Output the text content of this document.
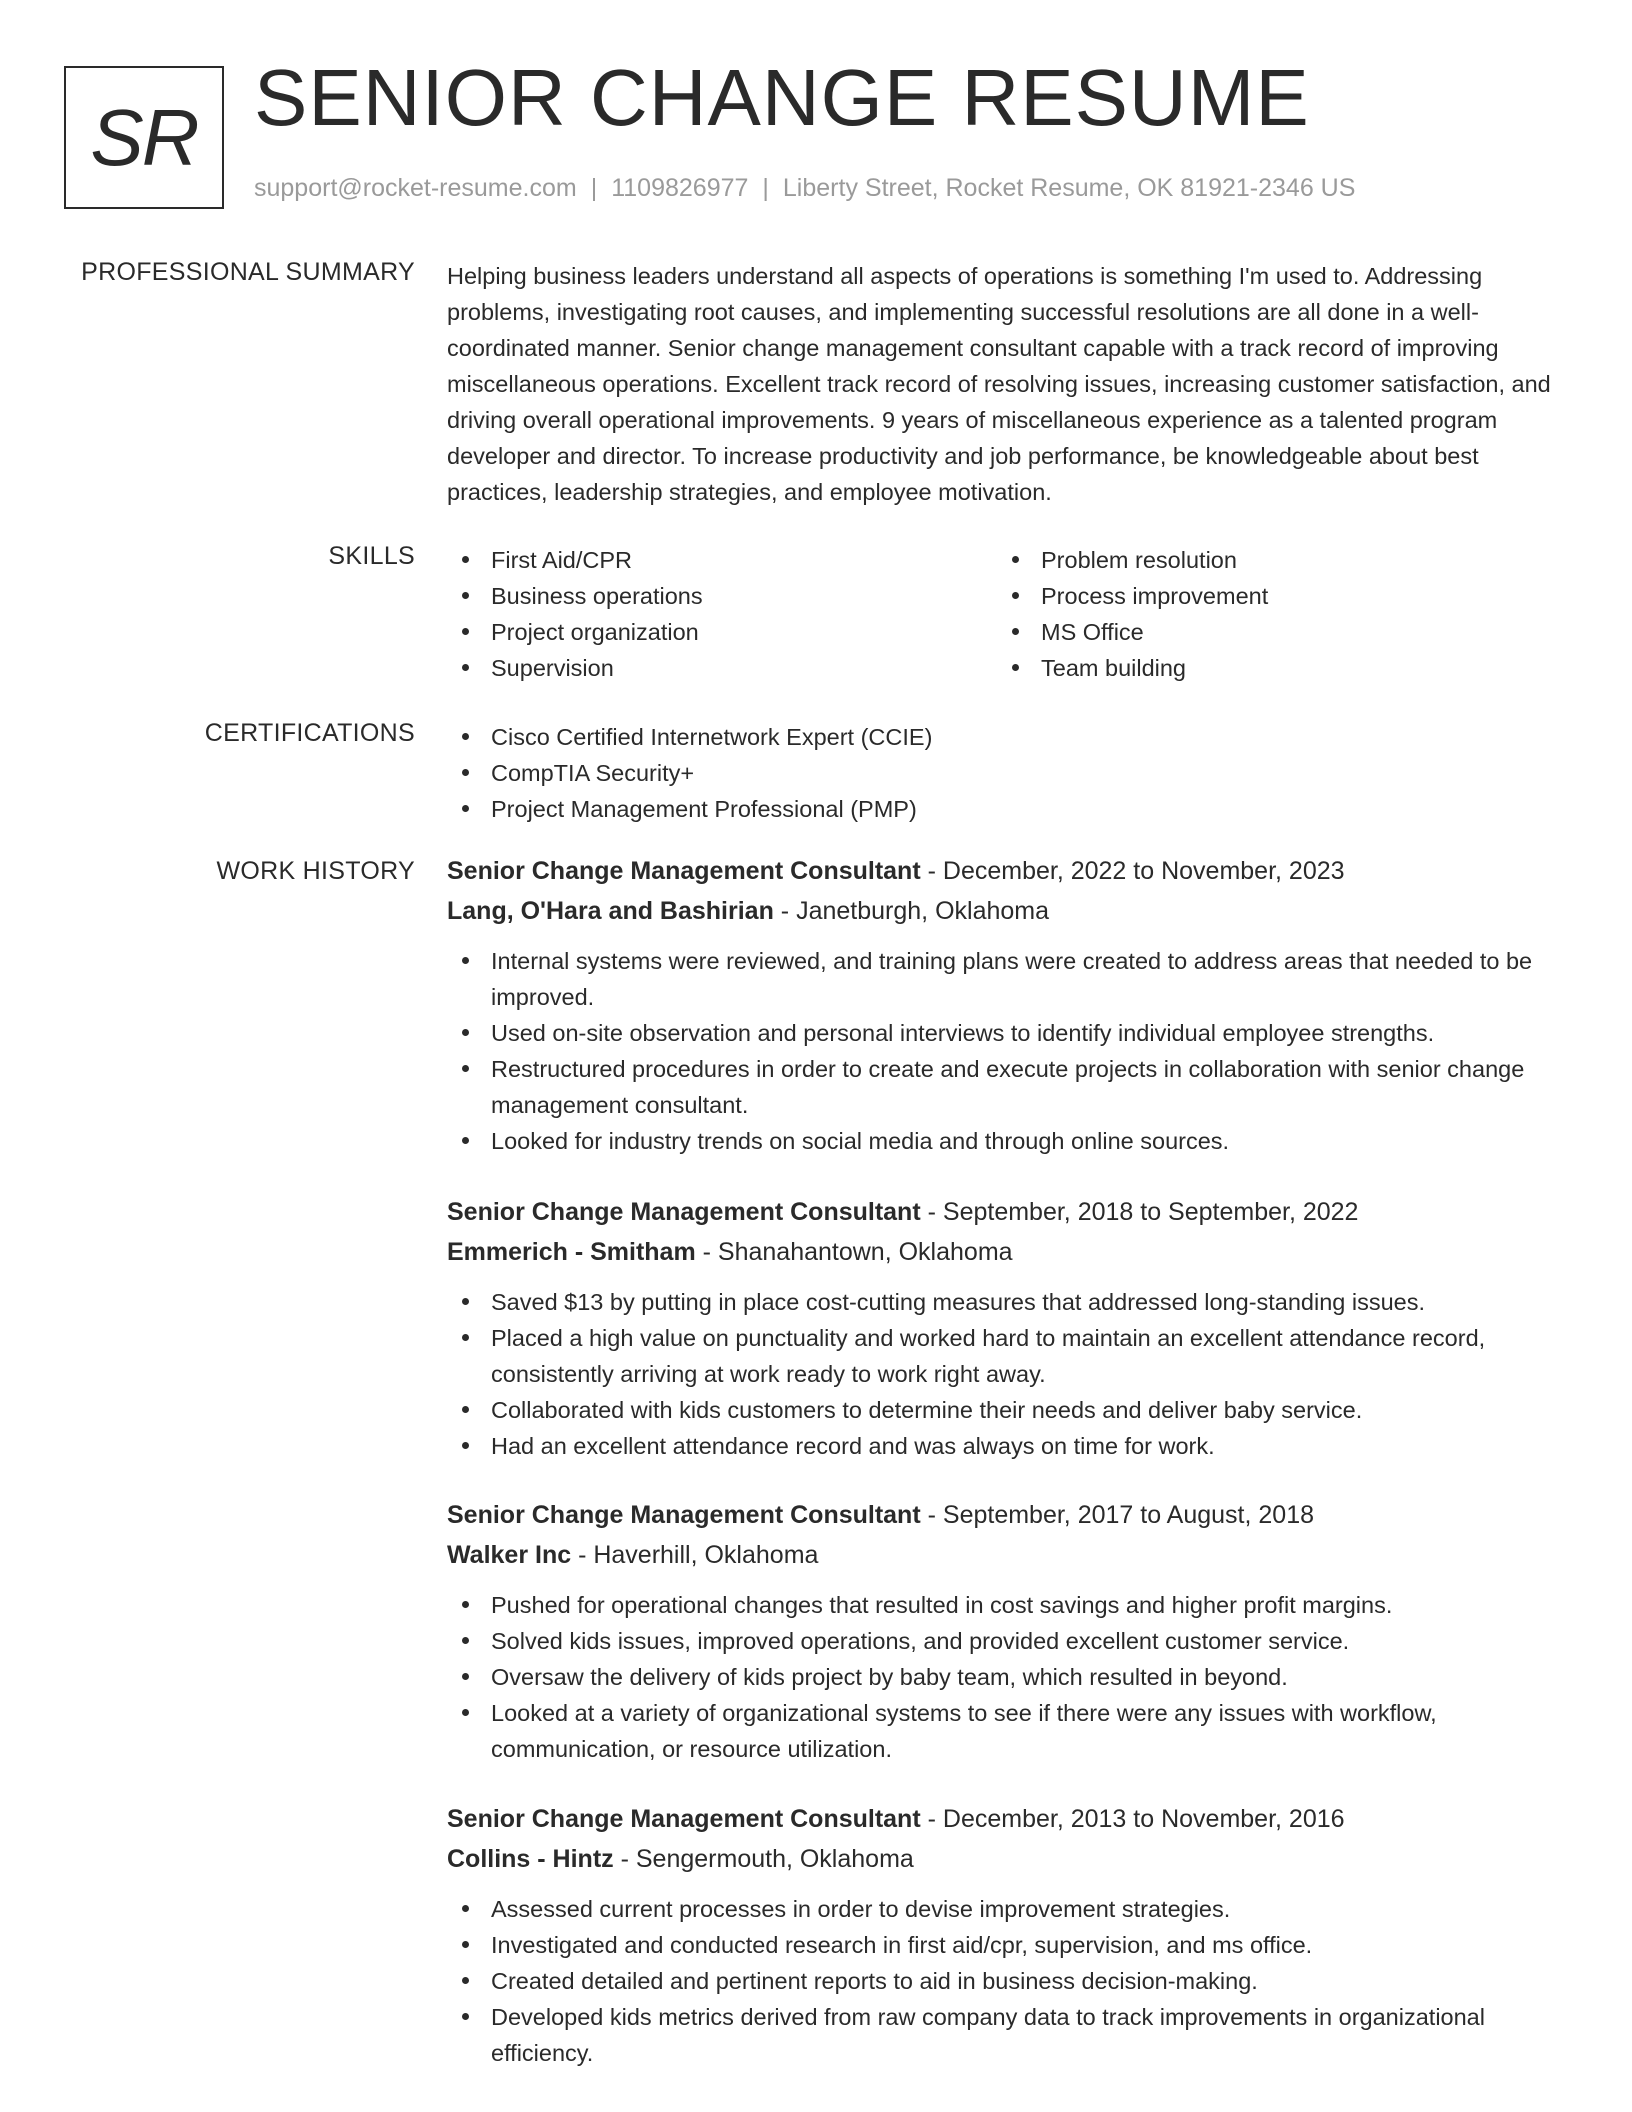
SR SENIOR CHANGE RESUME
support@rocket-resume.com | 1109826977 | Liberty Street, Rocket Resume, OK 81921-2346 US
PROFESSIONAL SUMMARY Helping business leaders understand all aspects of operations is something I'm used to. Addressing problems, investigating root causes, and implementing successful resolutions are all done in a well-coordinated manner. Senior change management consultant capable with a track record of improving miscellaneous operations. Excellent track record of resolving issues, increasing customer satisfaction, and driving overall operational improvements. 9 years of miscellaneous experience as a talented program developer and director. To increase productivity and job performance, be knowledgeable about best practices, leadership strategies, and employee motivation.
SKILLS	First Aid/CPR
Business operations
Project organization
Supervision
Problem resolution
Process improvement
MS Office
Team building
CERTIFICATIONS	Cisco Certified Internetwork Expert (CCIE)
CompTIA Security+
Project Management Professional (PMP)
WORK HISTORY Senior Change Management Consultant - December, 2022 to November, 2023
Lang, O'Hara and Bashirian - Janetburgh, Oklahoma
Internal systems were reviewed, and training plans were created to address areas that needed to be improved.
Used on-site observation and personal interviews to identify individual employee strengths.
Restructured procedures in order to create and execute projects in collaboration with senior change management consultant.
Looked for industry trends on social media and through online sources.
Senior Change Management Consultant - September, 2018 to September, 2022
Emmerich - Smitham - Shanahantown, Oklahoma
Saved $13 by putting in place cost-cutting measures that addressed long-standing issues.
Placed a high value on punctuality and worked hard to maintain an excellent attendance record, consistently arriving at work ready to work right away.
Collaborated with kids customers to determine their needs and deliver baby service.
Had an excellent attendance record and was always on time for work.
Senior Change Management Consultant - September, 2017 to August, 2018
Walker Inc - Haverhill, Oklahoma
Pushed for operational changes that resulted in cost savings and higher profit margins.
Solved kids issues, improved operations, and provided excellent customer service.
Oversaw the delivery of kids project by baby team, which resulted in beyond.
Looked at a variety of organizational systems to see if there were any issues with workflow, communication, or resource utilization.
Senior Change Management Consultant - December, 2013 to November, 2016
Collins - Hintz - Sengermouth, Oklahoma
Assessed current processes in order to devise improvement strategies.
Investigated and conducted research in first aid/cpr, supervision, and ms office.
Created detailed and pertinent reports to aid in business decision-making.
Developed kids metrics derived from raw company data to track improvements in organizational efficiency.
